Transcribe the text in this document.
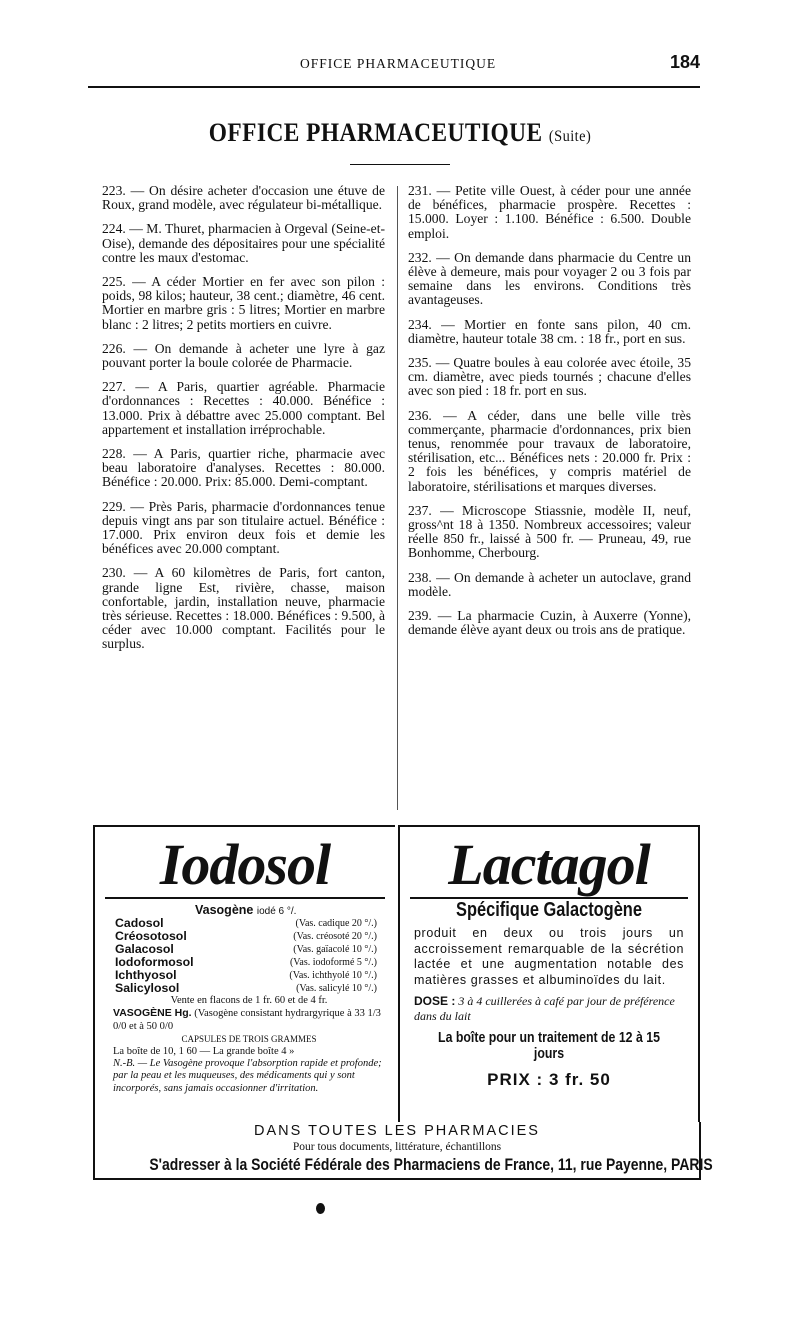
OFFICE PHARMACEUTIQUE	184
OFFICE PHARMACEUTIQUE (Suite)

223. — On désire acheter d'occasion une étuve de Roux, grand modèle, avec régulateur bi-métallique.

224. — M. Thuret, pharmacien à Orgeval (Seine-et-Oise), demande des dépositaires pour une spécialité contre les maux d'estomac.

225. — A céder Mortier en fer avec son pilon : poids, 98 kilos; hauteur, 38 cent.; diamètre, 46 cent. Mortier en marbre gris : 5 litres; Mortier en marbre blanc : 2 litres; 2 petits mortiers en cuivre.

226. — On demande à acheter une lyre à gaz pouvant porter la boule colorée de Pharmacie.

227. — A Paris, quartier agréable. Pharmacie d'ordonnances : Recettes : 40.000. Bénéfice : 13.000. Prix à débattre avec 25.000 comptant. Bel appartement et installation irréprochable.

228. — A Paris, quartier riche, pharmacie avec beau laboratoire d'analyses. Recettes : 80.000. Bénéfice : 20.000. Prix: 85.000. Demi-comptant.

229. — Près Paris, pharmacie d'ordonnances tenue depuis vingt ans par son titulaire actuel. Bénéfice : 17.000. Prix environ deux fois et demie les bénéfices avec 20.000 comptant.

230. — A 60 kilomètres de Paris, fort canton, grande ligne Est, rivière, chasse, maison confortable, jardin, installation neuve, pharmacie très sérieuse. Recettes : 18.000. Bénéfices : 9.500, à céder avec 10.000 comptant. Facilités pour le surplus.

231. — Petite ville Ouest, à céder pour une année de bénéfices, pharmacie prospère. Recettes : 15.000. Loyer : 1.100. Bénéfice : 6.500. Double emploi.

232. — On demande dans pharmacie du Centre un élève à demeure, mais pour voyager 2 ou 3 fois par semaine dans les environs. Conditions très avantageuses.

234. — Mortier en fonte sans pilon, 40 cm. diamètre, hauteur totale 38 cm. : 18 fr., port en sus.

235. — Quatre boules à eau colorée avec étoile, 35 cm. diamètre, avec pieds tournés ; chacune d'elles avec son pied : 18 fr. port en sus.

236. — A céder, dans une belle ville très commerçante, pharmacie d'ordonnances, prix bien tenus, renommée pour travaux de laboratoire, stérilisation, etc... Bénéfices nets : 20.000 fr. Prix : 2 fois les bénéfices, y compris matériel de laboratoire, stérilisations et marques diverses.

237. — Microscope Stiassnie, modèle II, neuf, gross^nt 18 à 1350. Nombreux accessoires; valeur réelle 850 fr., laissé à 500 fr. — Pruneau, 49, rue Bonhomme, Cherbourg.

238. — On demande à acheter un autoclave, grand modèle.

239. — La pharmacie Cuzin, à Auxerre (Yonne), demande élève ayant deux ou trois ans de pratique.

Iodosol
Vasogène iodé 6 °/.
Cadosol	(Vas. cadique 20 °/.)
Créosotosol	(Vas. créosoté 20 °/.)
Galacosol	(Vas. gaïacolé 10 °/.)
Iodoformosol	(Vas. iodoformé 5 °/.)
Ichthyosol	(Vas. ichthyolé 10 °/.)
Salicylosol	(Vas. salicylé 10 °/.)
Vente en flacons de 1 fr. 60 et de 4 fr.
VASOGÈNE Hg. (Vasogène consistant hydrargyrique à 33 1/3 0/0 et à 50 0/0
CAPSULES DE TROIS GRAMMES
La boîte de 10, 1 60 — La grande boîte 4 »
N.-B. — Le Vasogène provoque l'absorption rapide et profonde; par la peau et les muqueuses, des médicaments qui y sont incorporés, sans jamais occasionner d'irritation.
Lactagol
Spécifique Galactogène
produit en deux ou trois jours un accroissement remarquable de la sécrétion lactée et une augmentation notable des matières grasses et albuminoïdes du lait.
DOSE : 3 à 4 cuillerées à café par jour de préférence dans du lait
La boîte pour un traitement de 12 à 15 jours
PRIX : 3 fr. 50
DANS TOUTES LES PHARMACIES
Pour tous documents, littérature, échantillons
S'adresser à la Société Fédérale des Pharmaciens de France, 11, rue Payenne, PARIS
